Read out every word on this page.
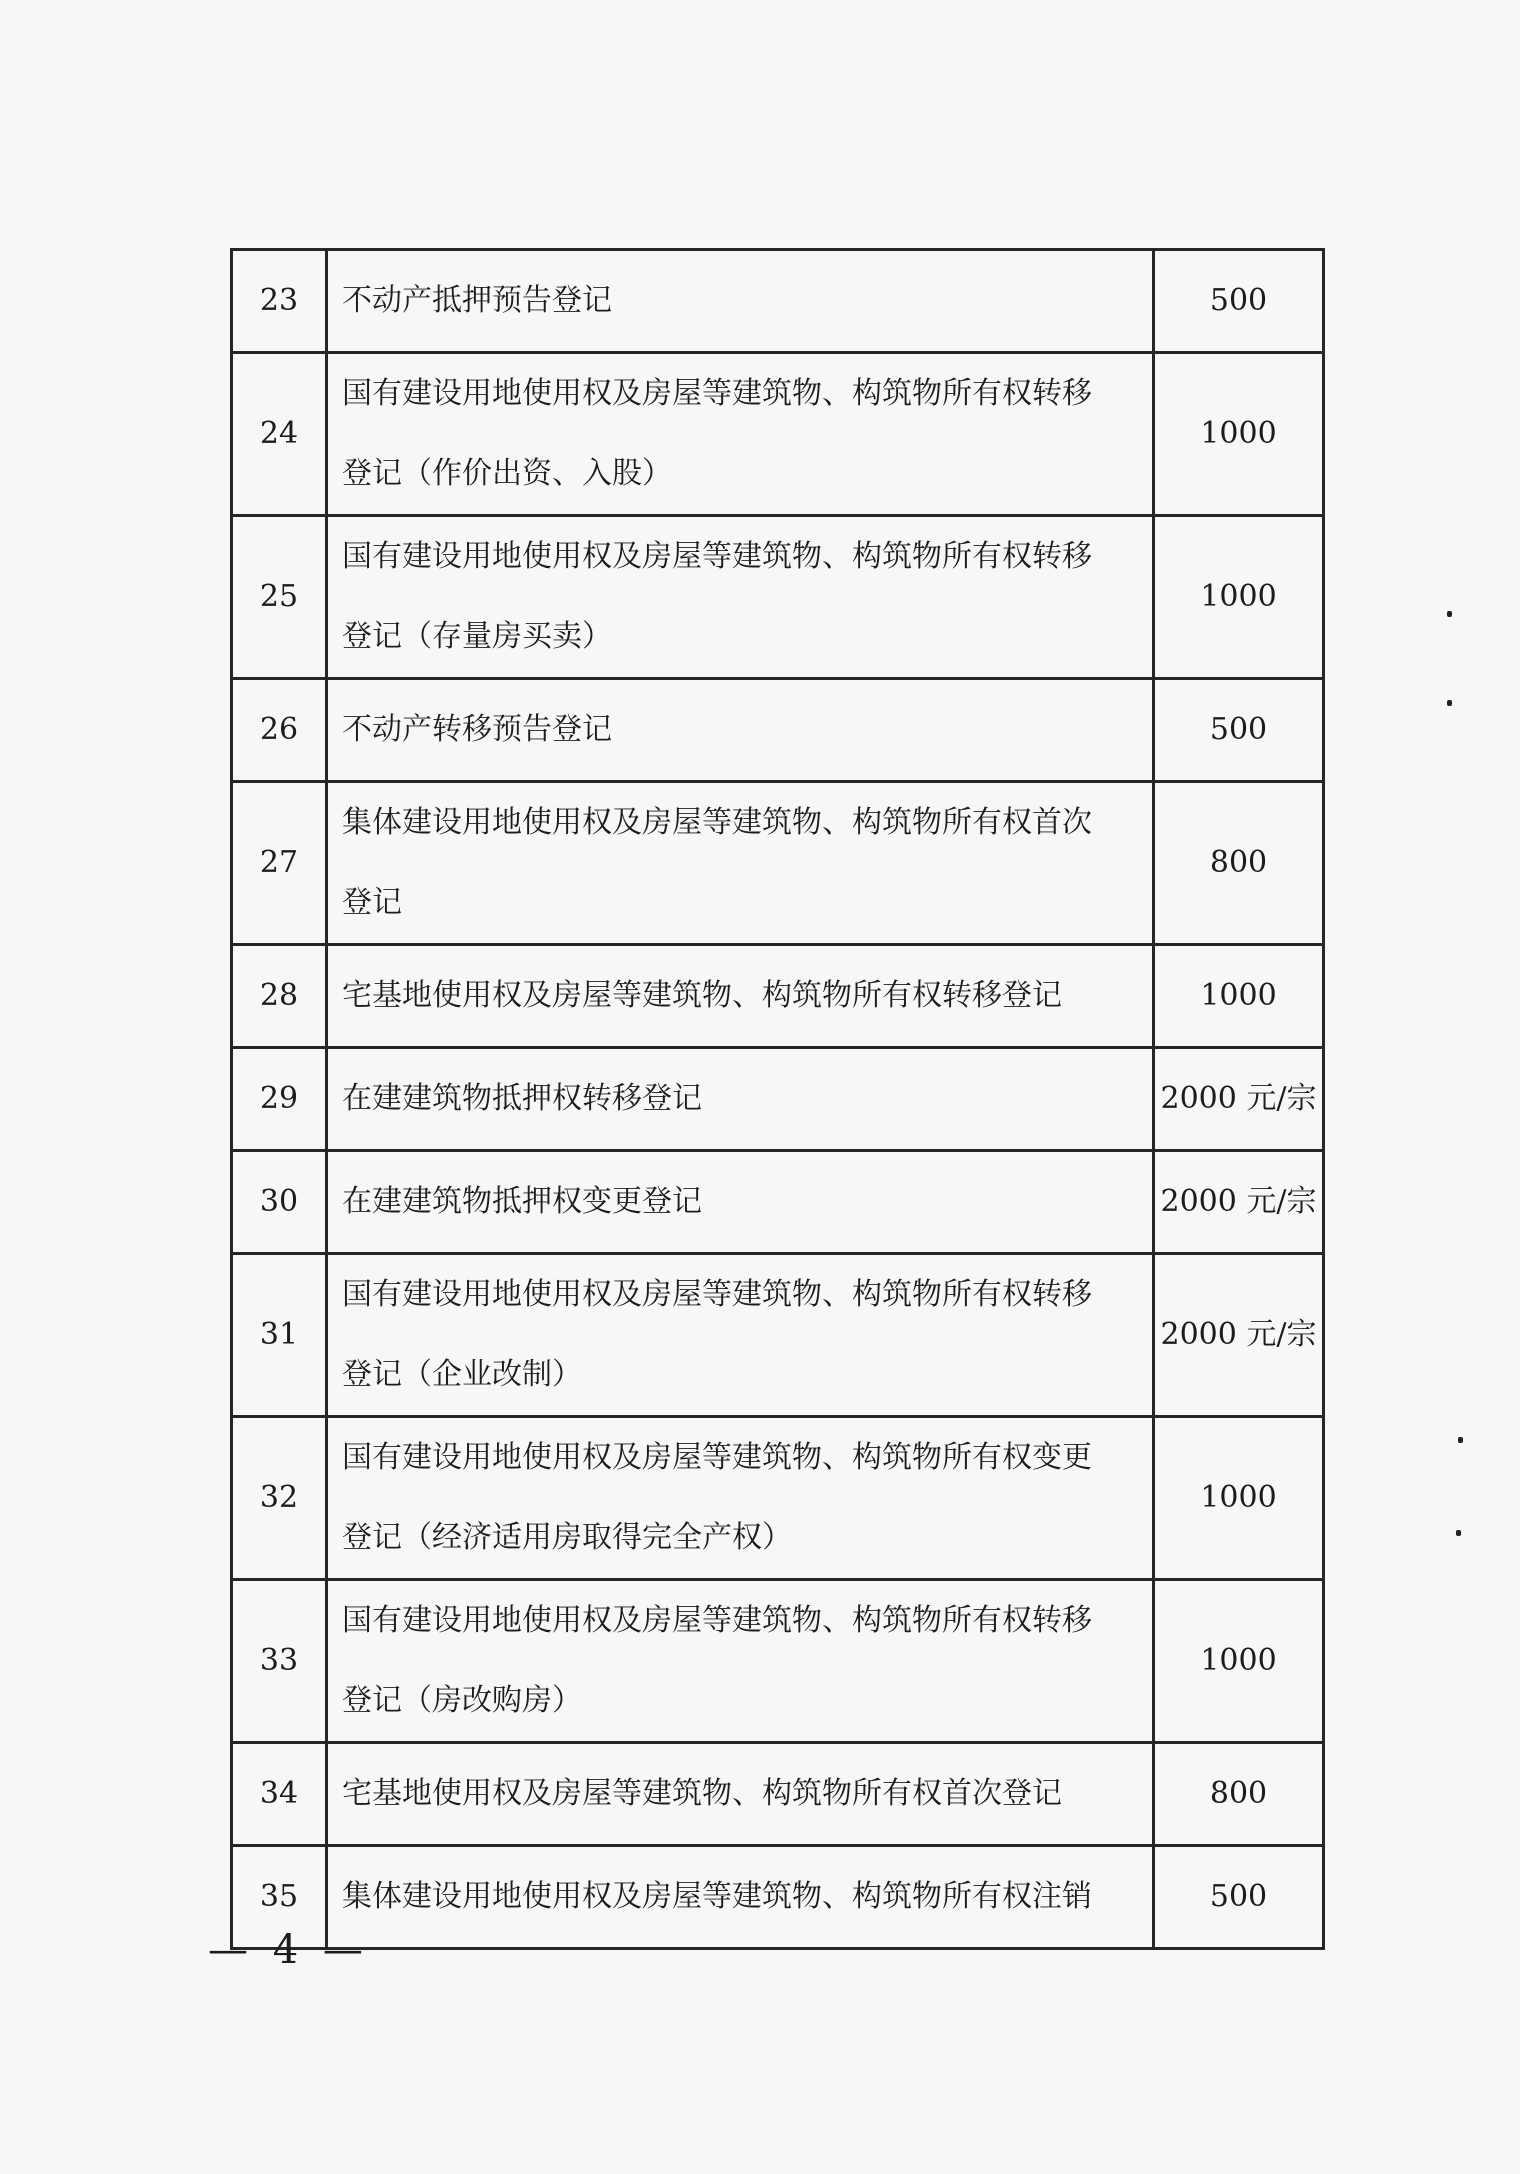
23	不动产抵押预告登记	500
24	国有建设用地使用权及房屋等建筑物、构筑物所有权转移
登记（作价出资、入股）	1000
25	国有建设用地使用权及房屋等建筑物、构筑物所有权转移
登记（存量房买卖）	1000
26	不动产转移预告登记	500
27	集体建设用地使用权及房屋等建筑物、构筑物所有权首次
登记	800
28	宅基地使用权及房屋等建筑物、构筑物所有权转移登记	1000
29	在建建筑物抵押权转移登记	2000 元/宗
30	在建建筑物抵押权变更登记	2000 元/宗
31	国有建设用地使用权及房屋等建筑物、构筑物所有权转移
登记（企业改制）	2000 元/宗
32	国有建设用地使用权及房屋等建筑物、构筑物所有权变更
登记（经济适用房取得完全产权）	1000
33	国有建设用地使用权及房屋等建筑物、构筑物所有权转移
登记（房改购房）	1000
34	宅基地使用权及房屋等建筑物、构筑物所有权首次登记	800
35	集体建设用地使用权及房屋等建筑物、构筑物所有权注销	500
— 4 —
